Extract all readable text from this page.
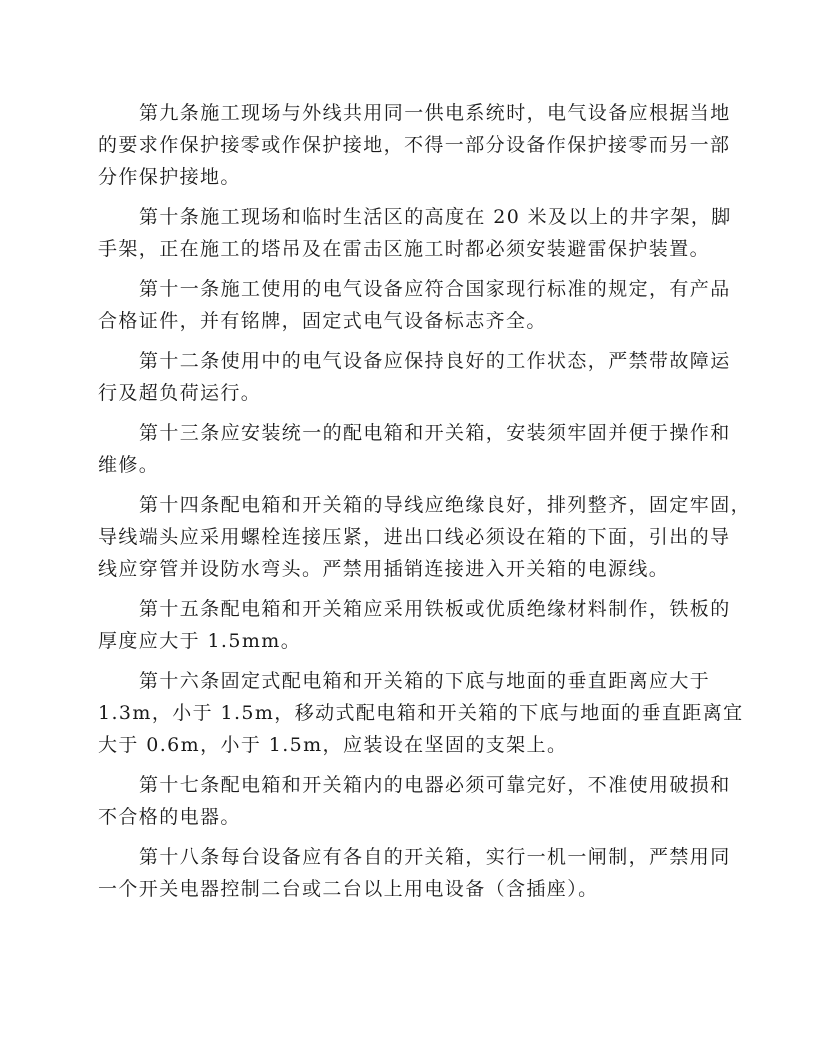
第九条施工现场与外线共用同一供电系统时，电气设备应根据当地
的要求作保护接零或作保护接地，不得一部分设备作保护接零而另一部
分作保护接地。

第十条施工现场和临时生活区的高度在 20 米及以上的井字架，脚
手架，正在施工的塔吊及在雷击区施工时都必须安装避雷保护装置。

第十一条施工使用的电气设备应符合国家现行标准的规定，有产品
合格证件，并有铭牌，固定式电气设备标志齐全。

第十二条使用中的电气设备应保持良好的工作状态，严禁带故障运
行及超负荷运行。

第十三条应安装统一的配电箱和开关箱，安装须牢固并便于操作和
维修。

第十四条配电箱和开关箱的导线应绝缘良好，排列整齐，固定牢固，
导线端头应采用螺栓连接压紧，进出口线必须设在箱的下面，引出的导
线应穿管并设防水弯头。严禁用插销连接进入开关箱的电源线。

第十五条配电箱和开关箱应采用铁板或优质绝缘材料制作，铁板的
厚度应大于 1.5mm。

第十六条固定式配电箱和开关箱的下底与地面的垂直距离应大于
1.3m，小于 1.5m，移动式配电箱和开关箱的下底与地面的垂直距离宜
大于 0.6m，小于 1.5m，应装设在坚固的支架上。

第十七条配电箱和开关箱内的电器必须可靠完好，不准使用破损和
不合格的电器。

第十八条每台设备应有各自的开关箱，实行一机一闸制，严禁用同
一个开关电器控制二台或二台以上用电设备（含插座）。
